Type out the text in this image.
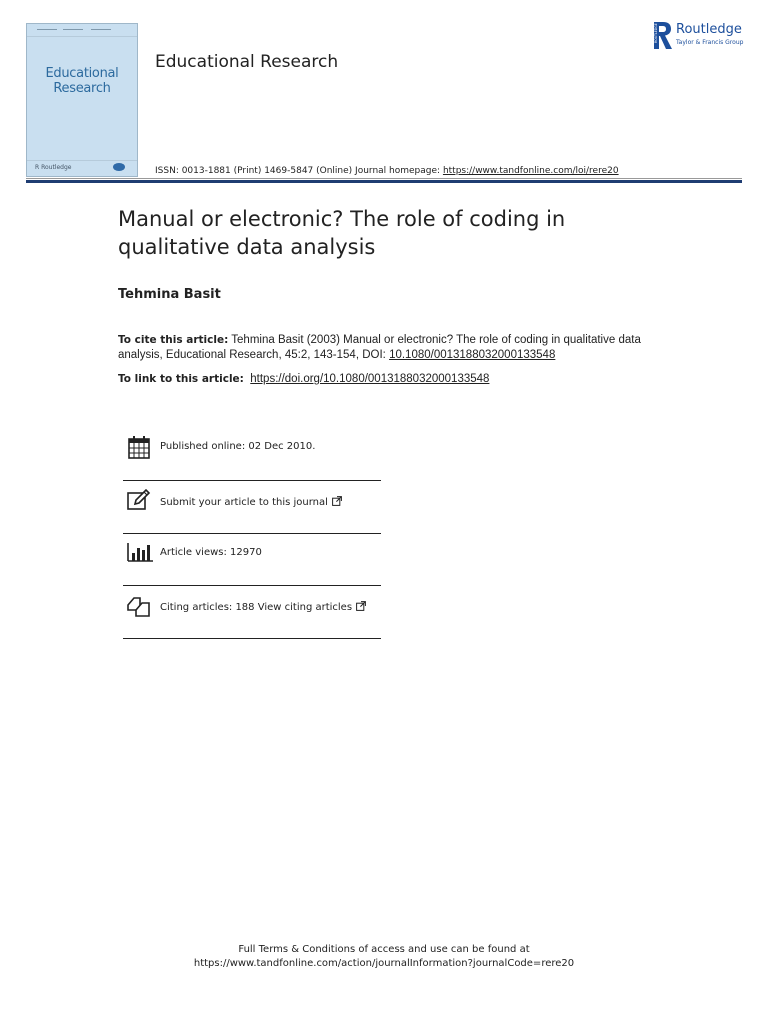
Educational
Research
R Routledge
Educational Research
ISSN: 0013-1881 (Print) 1469-5847 (Online) Journal homepage: https://www.tandfonline.com/loi/rere20
ROUTLEDGE Routledge
Taylor & Francis Group
Manual or electronic? The role of coding in qualitative data analysis
Tehmina Basit
To cite this article: Tehmina Basit (2003) Manual or electronic? The role of coding in qualitative data analysis, Educational Research, 45:2, 143-154, DOI: 10.1080/0013188032000133548
To link to this article: https://doi.org/10.1080/0013188032000133548
Published online: 02 Dec 2010.
Submit your article to this journal
Article views: 12970
Citing articles: 188 View citing articles
Full Terms & Conditions of access and use can be found at
https://www.tandfonline.com/action/journalInformation?journalCode=rere20
